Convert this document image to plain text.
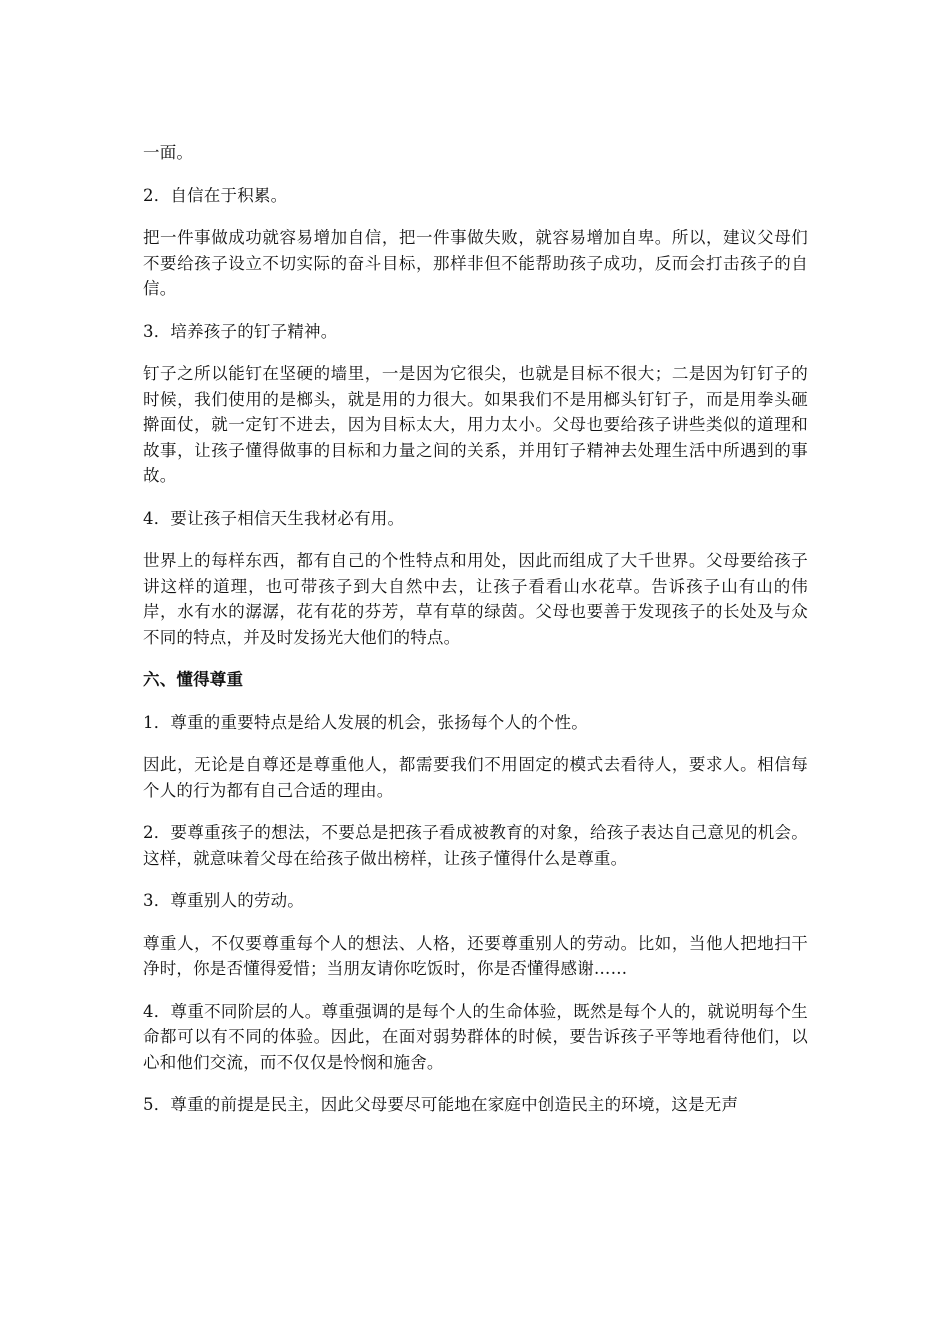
一面。

2．自信在于积累。

把一件事做成功就容易增加自信，把一件事做失败，就容易增加自卑。所以，建议父母们不要给孩子设立不切实际的奋斗目标，那样非但不能帮助孩子成功，反而会打击孩子的自信。

3．培养孩子的钉子精神。

钉子之所以能钉在坚硬的墙里，一是因为它很尖，也就是目标不很大；二是因为钉钉子的时候，我们使用的是榔头，就是用的力很大。如果我们不是用榔头钉钉子，而是用拳头砸擀面仗，就一定钉不进去，因为目标太大，用力太小。父母也要给孩子讲些类似的道理和故事，让孩子懂得做事的目标和力量之间的关系，并用钉子精神去处理生活中所遇到的事故。

4．要让孩子相信天生我材必有用。

世界上的每样东西，都有自己的个性特点和用处，因此而组成了大千世界。父母要给孩子讲这样的道理，也可带孩子到大自然中去，让孩子看看山水花草。告诉孩子山有山的伟岸，水有水的潺潺，花有花的芬芳，草有草的绿茵。父母也要善于发现孩子的长处及与众不同的特点，并及时发扬光大他们的特点。

六、懂得尊重

1．尊重的重要特点是给人发展的机会，张扬每个人的个性。

因此，无论是自尊还是尊重他人，都需要我们不用固定的模式去看待人，要求人。相信每个人的行为都有自己合适的理由。

2．要尊重孩子的想法，不要总是把孩子看成被教育的对象，给孩子表达自己意见的机会。这样，就意味着父母在给孩子做出榜样，让孩子懂得什么是尊重。

3．尊重别人的劳动。

尊重人，不仅要尊重每个人的想法、人格，还要尊重别人的劳动。比如，当他人把地扫干净时，你是否懂得爱惜；当朋友请你吃饭时，你是否懂得感谢……

4．尊重不同阶层的人。尊重强调的是每个人的生命体验，既然是每个人的，就说明每个生命都可以有不同的体验。因此，在面对弱势群体的时候，要告诉孩子平等地看待他们，以心和他们交流，而不仅仅是怜悯和施舍。

5．尊重的前提是民主，因此父母要尽可能地在家庭中创造民主的环境，这是无声
